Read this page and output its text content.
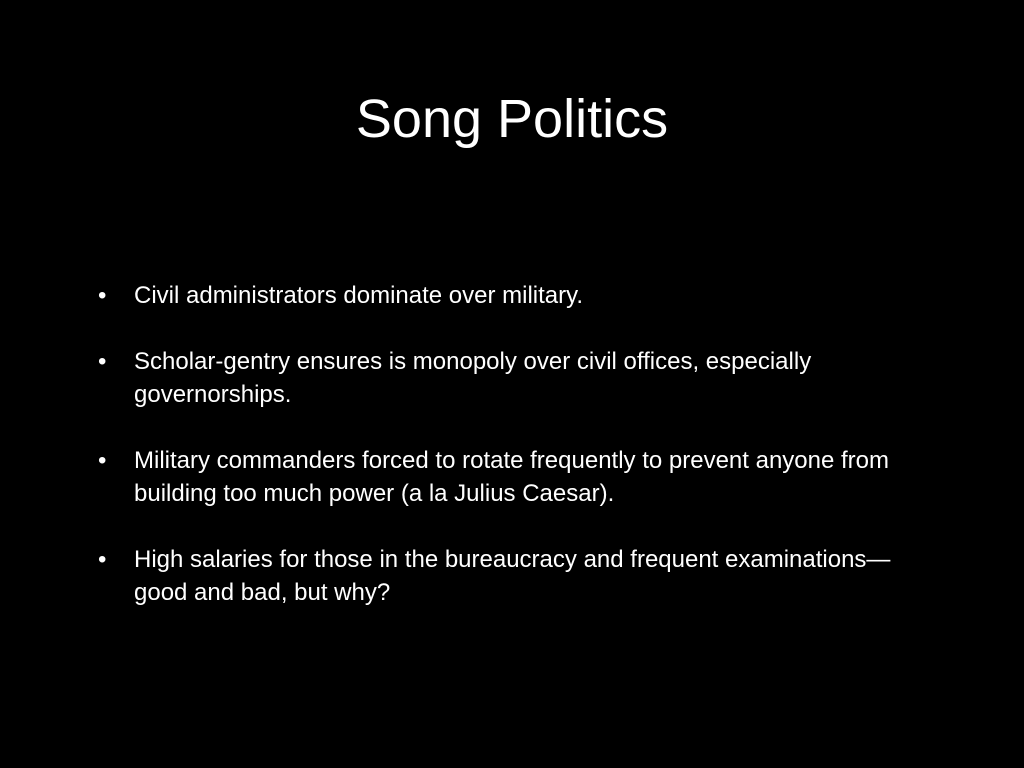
Song Politics
•	Civil administrators dominate over military.
•	Scholar-gentry ensures is monopoly over civil offices, especially governorships.
•	Military commanders forced to rotate frequently to prevent anyone from building too much power (a la Julius Caesar).
•	High salaries for those in the bureaucracy and frequent examinations—good and bad, but why?
